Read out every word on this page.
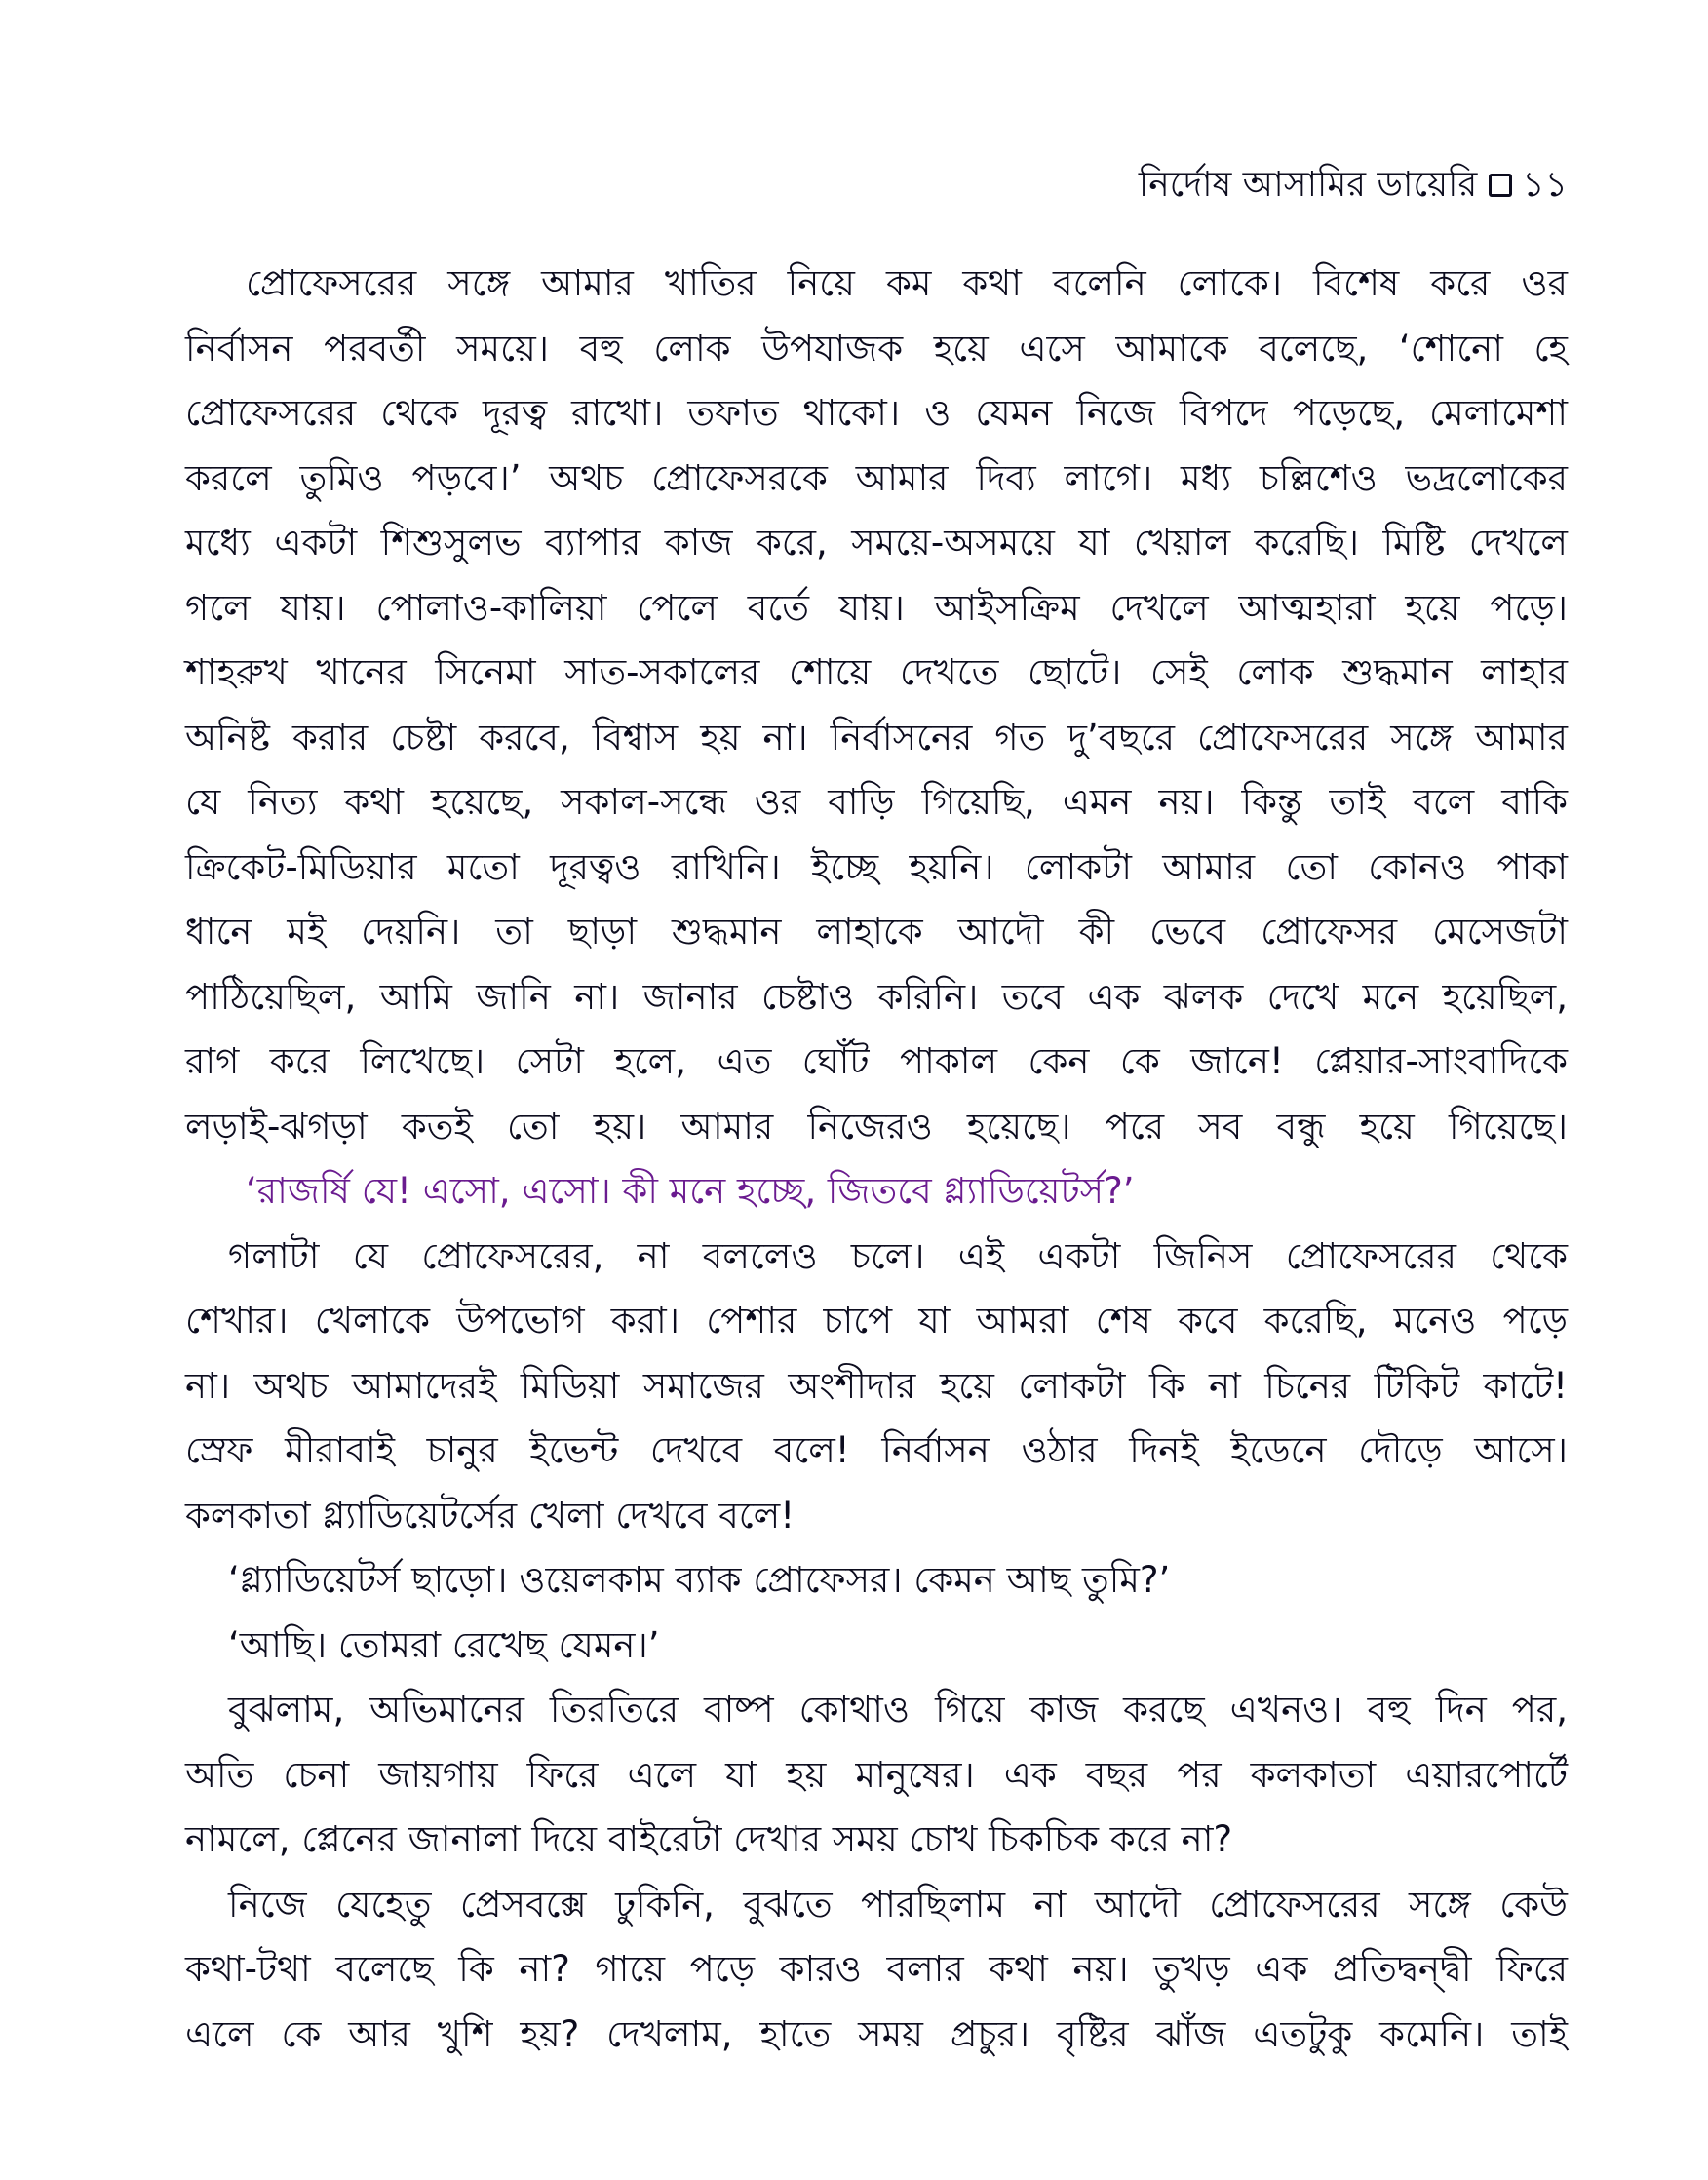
নির্দোষ আসামির ডায়েরি ১১
প্রোফেসরের সঙ্গে আমার খাতির নিয়ে কম কথা বলেনি লোকে। বিশেষ করে ওর
নির্বাসন পরবর্তী সময়ে। বহু লোক উপযাজক হয়ে এসে আমাকে বলেছে, ‘শোনো হে
প্রোফেসরের থেকে দূরত্ব রাখো। তফাত থাকো। ও যেমন নিজে বিপদে পড়েছে, মেলামেশা
করলে তুমিও পড়বে।’ অথচ প্রোফেসরকে আমার দিব্য লাগে। মধ্য চল্লিশেও ভদ্রলোকের
মধ্যে একটা শিশুসুলভ ব্যাপার কাজ করে, সময়ে-অসময়ে যা খেয়াল করেছি। মিষ্টি দেখলে
গলে যায়। পোলাও-কালিয়া পেলে বর্তে যায়। আইসক্রিম দেখলে আত্মহারা হয়ে পড়ে।
শাহরুখ খানের সিনেমা সাত-সকালের শোয়ে দেখতে ছোটে। সেই লোক শুদ্ধমান লাহার
অনিষ্ট করার চেষ্টা করবে, বিশ্বাস হয় না। নির্বাসনের গত দু’বছরে প্রোফেসরের সঙ্গে আমার
যে নিত্য কথা হয়েছে, সকাল-সন্ধে ওর বাড়ি গিয়েছি, এমন নয়। কিন্তু তাই বলে বাকি
ক্রিকেট-মিডিয়ার মতো দূরত্বও রাখিনি। ইচ্ছে হয়নি। লোকটা আমার তো কোনও পাকা
ধানে মই দেয়নি। তা ছাড়া শুদ্ধমান লাহাকে আদৌ কী ভেবে প্রোফেসর মেসেজটা
পাঠিয়েছিল, আমি জানি না। জানার চেষ্টাও করিনি। তবে এক ঝলক দেখে মনে হয়েছিল,
রাগ করে লিখেছে। সেটা হলে, এত ঘোঁট পাকাল কেন কে জানে! প্লেয়ার-সাংবাদিকে
লড়াই-ঝগড়া কতই তো হয়। আমার নিজেরও হয়েছে। পরে সব বন্ধু হয়ে গিয়েছে।
‘রাজর্ষি যে! এসো, এসো। কী মনে হচ্ছে, জিতবে গ্ল্যাডিয়েটর্স?’
গলাটা যে প্রোফেসরের, না বললেও চলে। এই একটা জিনিস প্রোফেসরের থেকে
শেখার। খেলাকে উপভোগ করা। পেশার চাপে যা আমরা শেষ কবে করেছি, মনেও পড়ে
না। অথচ আমাদেরই মিডিয়া সমাজের অংশীদার হয়ে লোকটা কি না চিনের টিকিট কাটে!
স্রেফ মীরাবাই চানুর ইভেন্ট দেখবে বলে! নির্বাসন ওঠার দিনই ইডেনে দৌড়ে আসে।
কলকাতা গ্ল্যাডিয়েটর্সের খেলা দেখবে বলে!
‘গ্ল্যাডিয়েটর্স ছাড়ো। ওয়েলকাম ব্যাক প্রোফেসর। কেমন আছ তুমি?’
‘আছি। তোমরা রেখেছ যেমন।’
বুঝলাম, অভিমানের তিরতিরে বাষ্প কোথাও গিয়ে কাজ করছে এখনও। বহু দিন পর,
অতি চেনা জায়গায় ফিরে এলে যা হয় মানুষের। এক বছর পর কলকাতা এয়ারপোর্টে
নামলে, প্লেনের জানালা দিয়ে বাইরেটা দেখার সময় চোখ চিকচিক করে না?
নিজে যেহেতু প্রেসবক্সে ঢুকিনি, বুঝতে পারছিলাম না আদৌ প্রোফেসরের সঙ্গে কেউ
কথা-টথা বলেছে কি না? গায়ে পড়ে কারও বলার কথা নয়। তুখড় এক প্রতিদ্বন্দ্বী ফিরে
এলে কে আর খুশি হয়? দেখলাম, হাতে সময় প্রচুর। বৃষ্টির ঝাঁজ এতটুকু কমেনি। তাই
